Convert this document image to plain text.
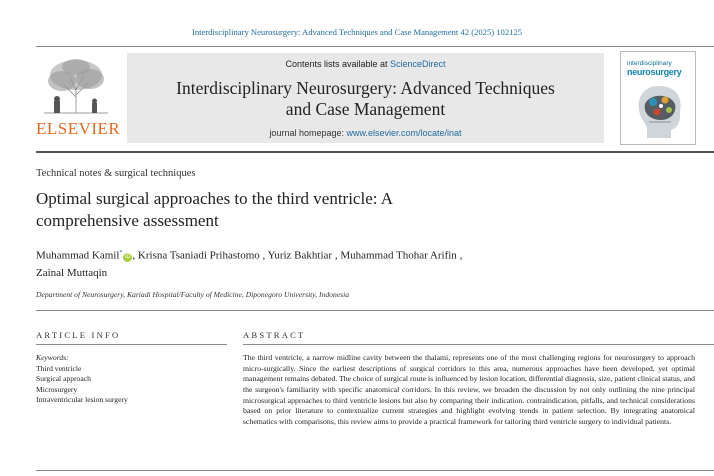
Interdisciplinary Neurosurgery: Advanced Techniques and Case Management 42 (2025) 102125
ELSEVIER
Contents lists available at ScienceDirect
Interdisciplinary Neurosurgery: Advanced Techniques
and Case Management
journal homepage: www.elsevier.com/locate/inat
interdisciplinary
neurosurgery
Technical notes & surgical techniques
Optimal surgical approaches to the third ventricle: A
comprehensive assessment
Muhammad Kamil*iD , Krisna Tsaniadi Prihastomo , Yuriz Bakhtiar , Muhammad Thohar Arifin ,
Zainal Muttaqin
Department of Neurosurgery, Kariadi Hospital/Faculty of Medicine, Diponegoro University, Indonesia
ARTICLE INFO	ABSTRACT
Keywords:
Third ventricle
Surgical approach
Microsurgery
Intraventricular lesion surgery
The third ventricle, a narrow midline cavity between the thalami, represents one of the most challenging regions for neurosurgery to approach micro-surgically. Since the earliest descriptions of surgical corridors to this area, numerous approaches have been developed, yet optimal management remains debated. The choice of surgical route is influenced by lesion location, differential diagnosis, size, patient clinical status, and the surgeon's familiarity with specific anatomical corridors. In this review, we broaden the discussion by not only outlining the nine principal microsurgical approaches to third ventricle lesions but also by comparing their indication. contraindication, pitfalls, and technical considerations based on prior literature to contextualize current strategies and highlight evolving trends in patient selection. By integrating anatomical schematics with comparisons, this review aims to provide a practical framework for tailoring third ventricle surgery to individual patients.
